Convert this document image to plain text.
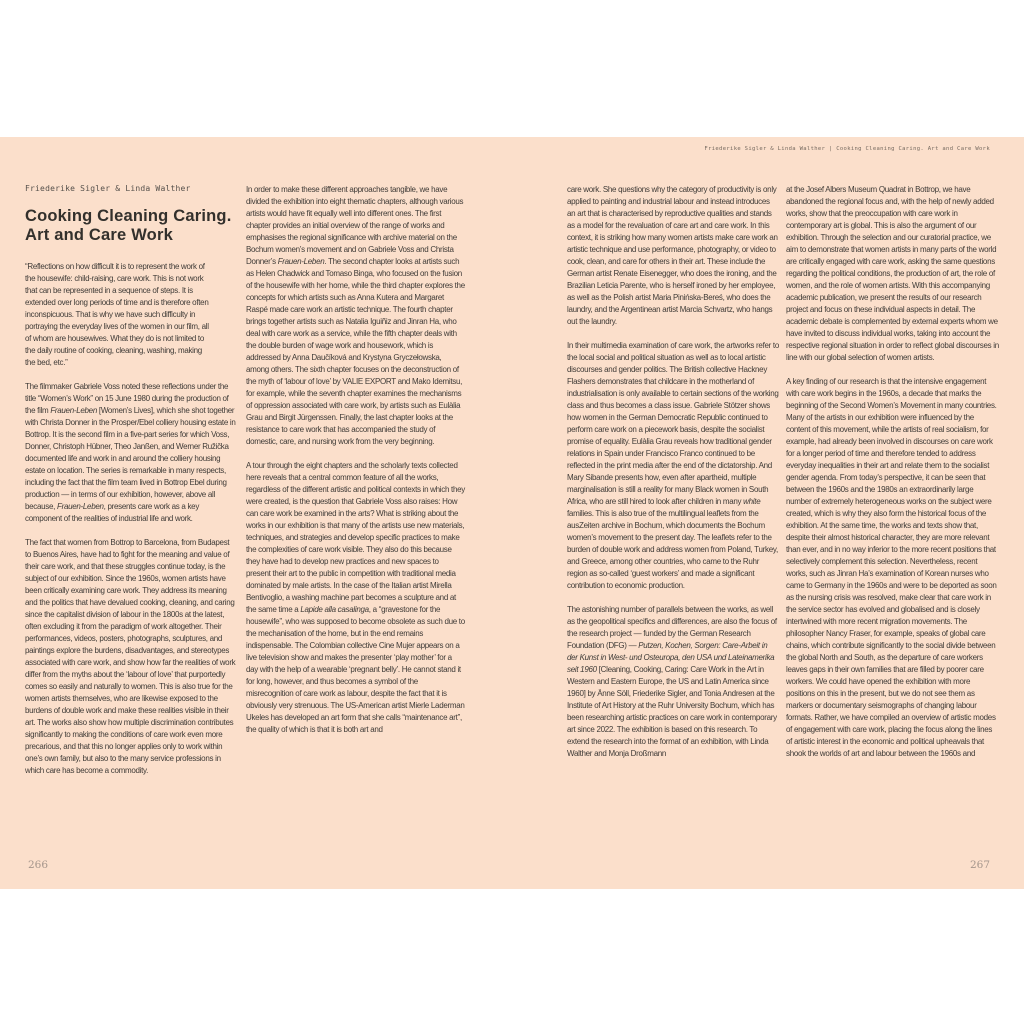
Friederike Sigler & Linda Walther | Cooking Cleaning Caring. Art and Care Work

Friederike Sigler & Linda Walther

Cooking Cleaning Caring.
Art and Care Work

“Reflections on how difficult it is to represent the work of the housewife: child-raising, care work. This is not work that can be represented in a sequence of steps. It is extended over long periods of time and is therefore often inconspicuous. That is why we have such difficulty in portraying the everyday lives of the women in our film, all of whom are housewives. What they do is not limited to the daily routine of cooking, cleaning, washing, making the bed, etc.”

The filmmaker Gabriele Voss noted these reflections under the title “Women’s Work” on 15 June 1980 during the production of the film Frauen-Leben [Women’s Lives], which she shot together with Christa Donner in the Prosper/Ebel colliery housing estate in Bottrop. It is the second film in a five-part series for which Voss, Donner, Christoph Hübner, Theo Janßen, and Werner Ružička documented life and work in and around the colliery housing estate on location. The series is remarkable in many respects, including the fact that the film team lived in Bottrop Ebel during production — in terms of our exhibition, however, above all because, Frauen-Leben, presents care work as a key component of the realities of industrial life and work.

The fact that women from Bottrop to Barcelona, from Budapest to Buenos Aires, have had to fight for the meaning and value of their care work, and that these struggles continue today, is the subject of our exhibition. Since the 1960s, women artists have been critically examining care work. They address its meaning and the politics that have devalued cooking, cleaning, and caring since the capitalist division of labour in the 1800s at the latest, often excluding it from the paradigm of work altogether. Their performances, videos, posters, photographs, sculptures, and paintings explore the burdens, disadvantages, and stereotypes associated with care work, and show how far the realities of work differ from the myths about the ‘labour of love’ that purportedly comes so easily and naturally to women. This is also true for the women artists themselves, who are likewise exposed to the burdens of double work and make these realities visible in their art. The works also show how multiple discrimination contributes significantly to making the conditions of care work even more precarious, and that this no longer applies only to work within one’s own family, but also to the many service professions in which care has become a commodity.

In order to make these different approaches tangible, we have divided the exhibition into eight thematic chapters, although various artists would have fit equally well into different ones. The first chapter provides an initial overview of the range of works and emphasises the regional significance with archive material on the Bochum women’s movement and on Gabriele Voss and Christa Donner’s Frauen-Leben. The second chapter looks at artists such as Helen Chadwick and Tomaso Binga, who focused on the fusion of the housewife with her home, while the third chapter explores the concepts for which artists such as Anna Kutera and Margaret Raspé made care work an artistic technique. The fourth chapter brings together artists such as Natalia Iguiñiz and Jinran Ha, who deal with care work as a service, while the fifth chapter deals with the double burden of wage work and housework, which is addressed by Anna Daučíková and Krystyna Gryczełowska, among others. The sixth chapter focuses on the deconstruction of the myth of ‘labour of love’ by VALIE EXPORT and Mako Idemitsu, for example, while the seventh chapter examines the mechanisms of oppression associated with care work, by artists such as Eulàlia Grau and Birgit Jürgenssen. Finally, the last chapter looks at the resistance to care work that has accompanied the study of domestic, care, and nursing work from the very beginning.

A tour through the eight chapters and the scholarly texts collected here reveals that a central common feature of all the works, regardless of the different artistic and political contexts in which they were created, is the question that Gabriele Voss also raises: How can care work be examined in the arts? What is striking about the works in our exhibition is that many of the artists use new materials, techniques, and strategies and develop specific practices to make the complexities of care work visible. They also do this because they have had to develop new practices and new spaces to present their art to the public in competition with traditional media dominated by male artists. In the case of the Italian artist Mirella Bentivoglio, a washing machine part becomes a sculpture and at the same time a Lapide alla casalinga, a “gravestone for the housewife”, who was supposed to become obsolete as such due to the mechanisation of the home, but in the end remains indispensable. The Colombian collective Cine Mujer appears on a live television show and makes the presenter ‘play mother’ for a day with the help of a wearable ‘pregnant belly’. He cannot stand it for long, however, and thus becomes a symbol of the misrecognition of care work as labour, despite the fact that it is obviously very strenuous. The US-American artist Mierle Laderman Ukeles has developed an art form that she calls “maintenance art”, the quality of which is that it is both art and

care work. She questions why the category of productivity is only applied to painting and industrial labour and instead introduces an art that is characterised by reproductive qualities and stands as a model for the revaluation of care art and care work. In this context, it is striking how many women artists make care work an artistic technique and use performance, photography, or video to cook, clean, and care for others in their art. These include the German artist Renate Eisenegger, who does the ironing, and the Brazilian Leticia Parente, who is herself ironed by her employee, as well as the Polish artist Maria Pinińska-Bereś, who does the laundry, and the Argentinean artist Marcia Schvartz, who hangs out the laundry.

In their multimedia examination of care work, the artworks refer to the local social and political situation as well as to local artistic discourses and gender politics. The British collective Hackney Flashers demonstrates that childcare in the motherland of industrialisation is only available to certain sections of the working class and thus becomes a class issue. Gabriele Stötzer shows how women in the German Democratic Republic continued to perform care work on a piecework basis, despite the socialist promise of equality. Eulàlia Grau reveals how traditional gender relations in Spain under Francisco Franco continued to be reflected in the print media after the end of the dictatorship. And Mary Sibande presents how, even after apartheid, multiple marginalisation is still a reality for many Black women in South Africa, who are still hired to look after children in many white families. This is also true of the multilingual leaflets from the ausZeiten archive in Bochum, which documents the Bochum women’s movement to the present day. The leaflets refer to the burden of double work and address women from Poland, Turkey, and Greece, among other countries, who came to the Ruhr region as so-called ‘guest workers’ and made a significant contribution to economic production.

The astonishing number of parallels between the works, as well as the geopolitical specifics and differences, are also the focus of the research project — funded by the German Research Foundation (DFG) — Putzen, Kochen, Sorgen: Care-Arbeit in der Kunst in West- und Osteuropa, den USA und Lateinamerika seit 1960 [Cleaning, Cooking, Caring: Care Work in the Art in Western and Eastern Europe, the US and Latin America since 1960] by Änne Söll, Friederike Sigler, and Tonia Andresen at the Institute of Art History at the Ruhr University Bochum, which has been researching artistic practices on care work in contemporary art since 2022. The exhibition is based on this research. To extend the research into the format of an exhibition, with Linda Walther and Monja Droßmann

at the Josef Albers Museum Quadrat in Bottrop, we have abandoned the regional focus and, with the help of newly added works, show that the preoccupation with care work in contemporary art is global. This is also the argument of our exhibition. Through the selection and our curatorial practice, we aim to demonstrate that women artists in many parts of the world are critically engaged with care work, asking the same questions regarding the political conditions, the production of art, the role of women, and the role of women artists. With this accompanying academic publication, we present the results of our research project and focus on these individual aspects in detail. The academic debate is complemented by external experts whom we have invited to discuss individual works, taking into account the respective regional situation in order to reflect global discourses in line with our global selection of women artists.

A key finding of our research is that the intensive engagement with care work begins in the 1960s, a decade that marks the beginning of the Second Women’s Movement in many countries. Many of the artists in our exhibition were influenced by the content of this movement, while the artists of real socialism, for example, had already been involved in discourses on care work for a longer period of time and therefore tended to address everyday inequalities in their art and relate them to the socialist gender agenda. From today’s perspective, it can be seen that between the 1960s and the 1980s an extraordinarily large number of extremely heterogeneous works on the subject were created, which is why they also form the historical focus of the exhibition. At the same time, the works and texts show that, despite their almost historical character, they are more relevant than ever, and in no way inferior to the more recent positions that selectively complement this selection. Nevertheless, recent works, such as Jinran Ha’s examination of Korean nurses who came to Germany in the 1960s and were to be deported as soon as the nursing crisis was resolved, make clear that care work in the service sector has evolved and globalised and is closely intertwined with more recent migration movements. The philosopher Nancy Fraser, for example, speaks of global care chains, which contribute significantly to the social divide between the global North and South, as the departure of care workers leaves gaps in their own families that are filled by poorer care workers. We could have opened the exhibition with more positions on this in the present, but we do not see them as markers or documentary seismographs of changing labour formats. Rather, we have compiled an overview of artistic modes of engagement with care work, placing the focus along the lines of artistic interest in the economic and political upheavals that shook the worlds of art and labour between the 1960s and

266	267
